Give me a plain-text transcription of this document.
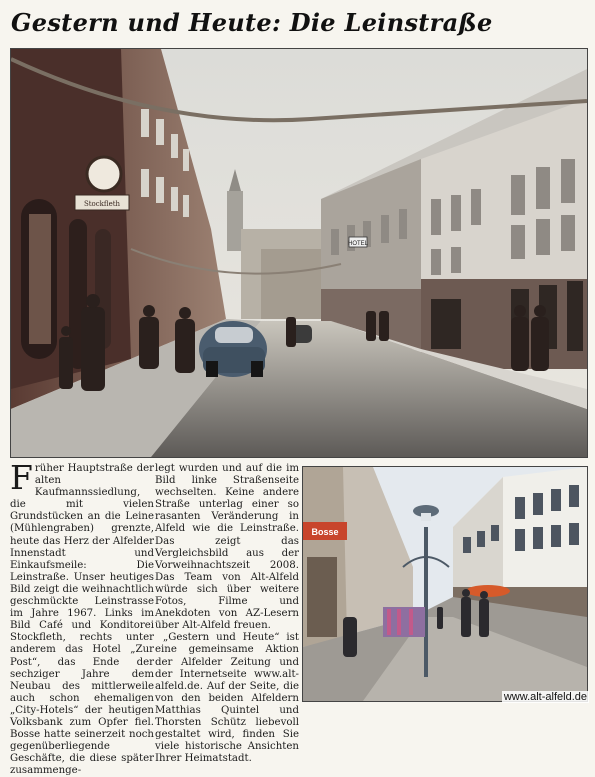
Gestern und Heute: Die Leinstraße
Stockfleth
HOTEL

Früher Hauptstraße der alten Kaufmannssiedlung, die mit vielen Grundstücken an die Leine (Mühlengraben) grenzte, heute das Herz der Alfelder Innenstadt und Einkaufsmeile: Die Leinstraße. Unser heutiges Bild zeigt die weihnachtlich geschmückte Leinstrasse im Jahre 1967. Links im Bild Café und Konditorei Stockfleth, rechts unter anderem das Hotel „Zur Post“, das Ende der sechziger Jahre dem Neubau des mittlerweile auch schon ehemaligen „City-Hotels“ der heutigen Volksbank zum Opfer fiel. Bosse hatte seinerzeit noch gegenüberliegende Geschäfte, die diese später zusammenge-

legt wurden und auf die im Bild linke Straßenseite wechselten. Keine andere Straße unterlag einer so rasanten Veränderung in Alfeld wie die Leinstraße. Das zeigt das Vergleichsbild aus der Vorweihnachtszeit 2008. Das Team von Alt-Alfeld würde sich über weitere Fotos, Filme und Anekdoten von AZ-Lesern über Alt-Alfeld freuen.

„Gestern und Heute“ ist eine gemeinsame Aktion der Alfelder Zeitung und der Internetseite www.alt-alfeld.de. Auf der Seite, die von den beiden Alfeldern Matthias Quintel und Thorsten Schütz liebevoll gestaltet wird, finden Sie viele historische Ansichten Ihrer Heimatstadt.

Bosse
www.alt-alfeld.de
